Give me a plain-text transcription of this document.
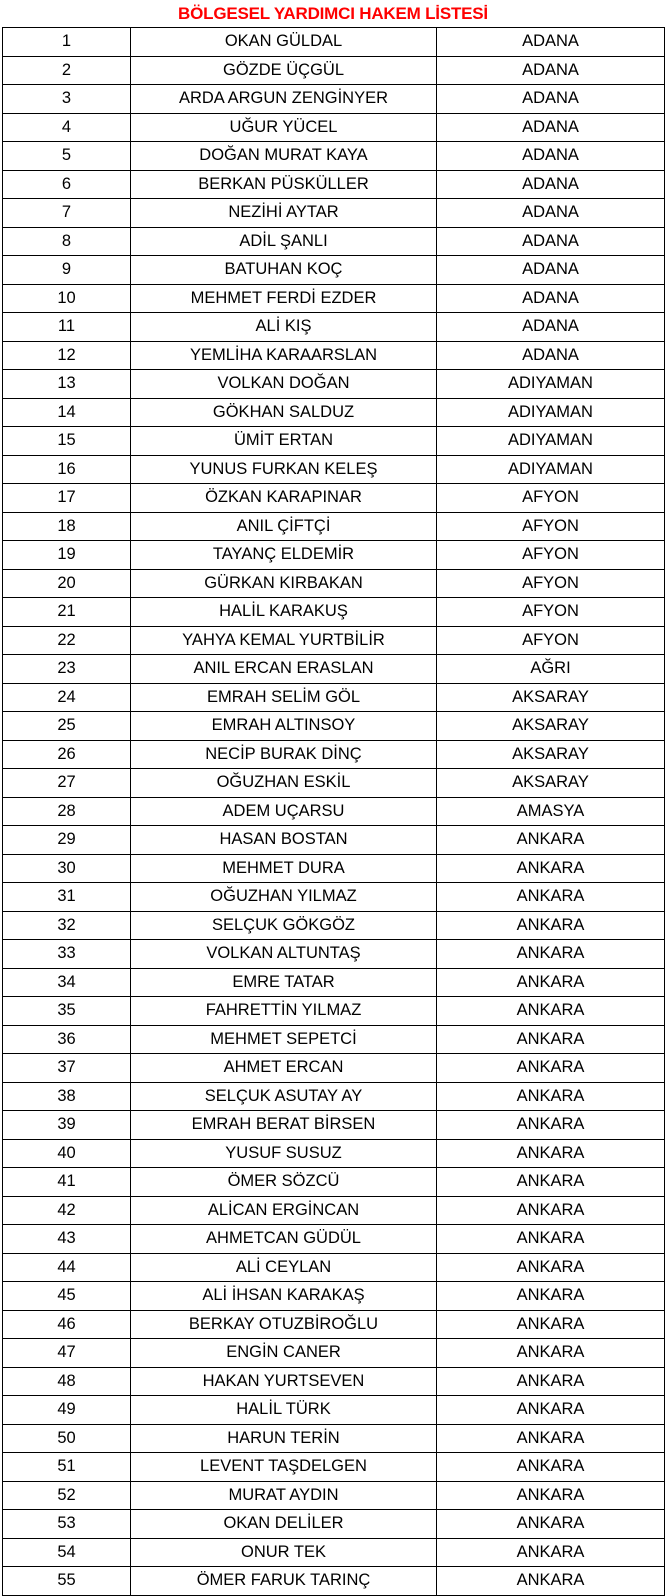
BÖLGESEL YARDIMCI HAKEM LİSTESİ
1	OKAN GÜLDAL	ADANA
2	GÖZDE ÜÇGÜL	ADANA
3	ARDA ARGUN ZENGİNYER	ADANA
4	UĞUR YÜCEL	ADANA
5	DOĞAN MURAT KAYA	ADANA
6	BERKAN PÜSKÜLLER	ADANA
7	NEZİHİ AYTAR	ADANA
8	ADİL ŞANLI	ADANA
9	BATUHAN KOÇ	ADANA
10	MEHMET FERDİ EZDER	ADANA
11	ALİ KIŞ	ADANA
12	YEMLİHA KARAARSLAN	ADANA
13	VOLKAN DOĞAN	ADIYAMAN
14	GÖKHAN SALDUZ	ADIYAMAN
15	ÜMİT ERTAN	ADIYAMAN
16	YUNUS FURKAN KELEŞ	ADIYAMAN
17	ÖZKAN KARAPINAR	AFYON
18	ANIL ÇİFTÇİ	AFYON
19	TAYANÇ ELDEMİR	AFYON
20	GÜRKAN KIRBAKAN	AFYON
21	HALİL KARAKUŞ	AFYON
22	YAHYA KEMAL YURTBİLİR	AFYON
23	ANIL ERCAN ERASLAN	AĞRI
24	EMRAH SELİM GÖL	AKSARAY
25	EMRAH ALTINSOY	AKSARAY
26	NECİP BURAK DİNÇ	AKSARAY
27	OĞUZHAN ESKİL	AKSARAY
28	ADEM UÇARSU	AMASYA
29	HASAN BOSTAN	ANKARA
30	MEHMET DURA	ANKARA
31	OĞUZHAN YILMAZ	ANKARA
32	SELÇUK GÖKGÖZ	ANKARA
33	VOLKAN ALTUNTAŞ	ANKARA
34	EMRE TATAR	ANKARA
35	FAHRETTİN YILMAZ	ANKARA
36	MEHMET SEPETCİ	ANKARA
37	AHMET ERCAN	ANKARA
38	SELÇUK ASUTAY AY	ANKARA
39	EMRAH BERAT BİRSEN	ANKARA
40	YUSUF SUSUZ	ANKARA
41	ÖMER SÖZCÜ	ANKARA
42	ALİCAN ERGİNCAN	ANKARA
43	AHMETCAN GÜDÜL	ANKARA
44	ALİ CEYLAN	ANKARA
45	ALİ İHSAN KARAKAŞ	ANKARA
46	BERKAY OTUZBİROĞLU	ANKARA
47	ENGİN CANER	ANKARA
48	HAKAN YURTSEVEN	ANKARA
49	HALİL TÜRK	ANKARA
50	HARUN TERİN	ANKARA
51	LEVENT TAŞDELGEN	ANKARA
52	MURAT AYDIN	ANKARA
53	OKAN DELİLER	ANKARA
54	ONUR TEK	ANKARA
55	ÖMER FARUK TARINÇ	ANKARA
